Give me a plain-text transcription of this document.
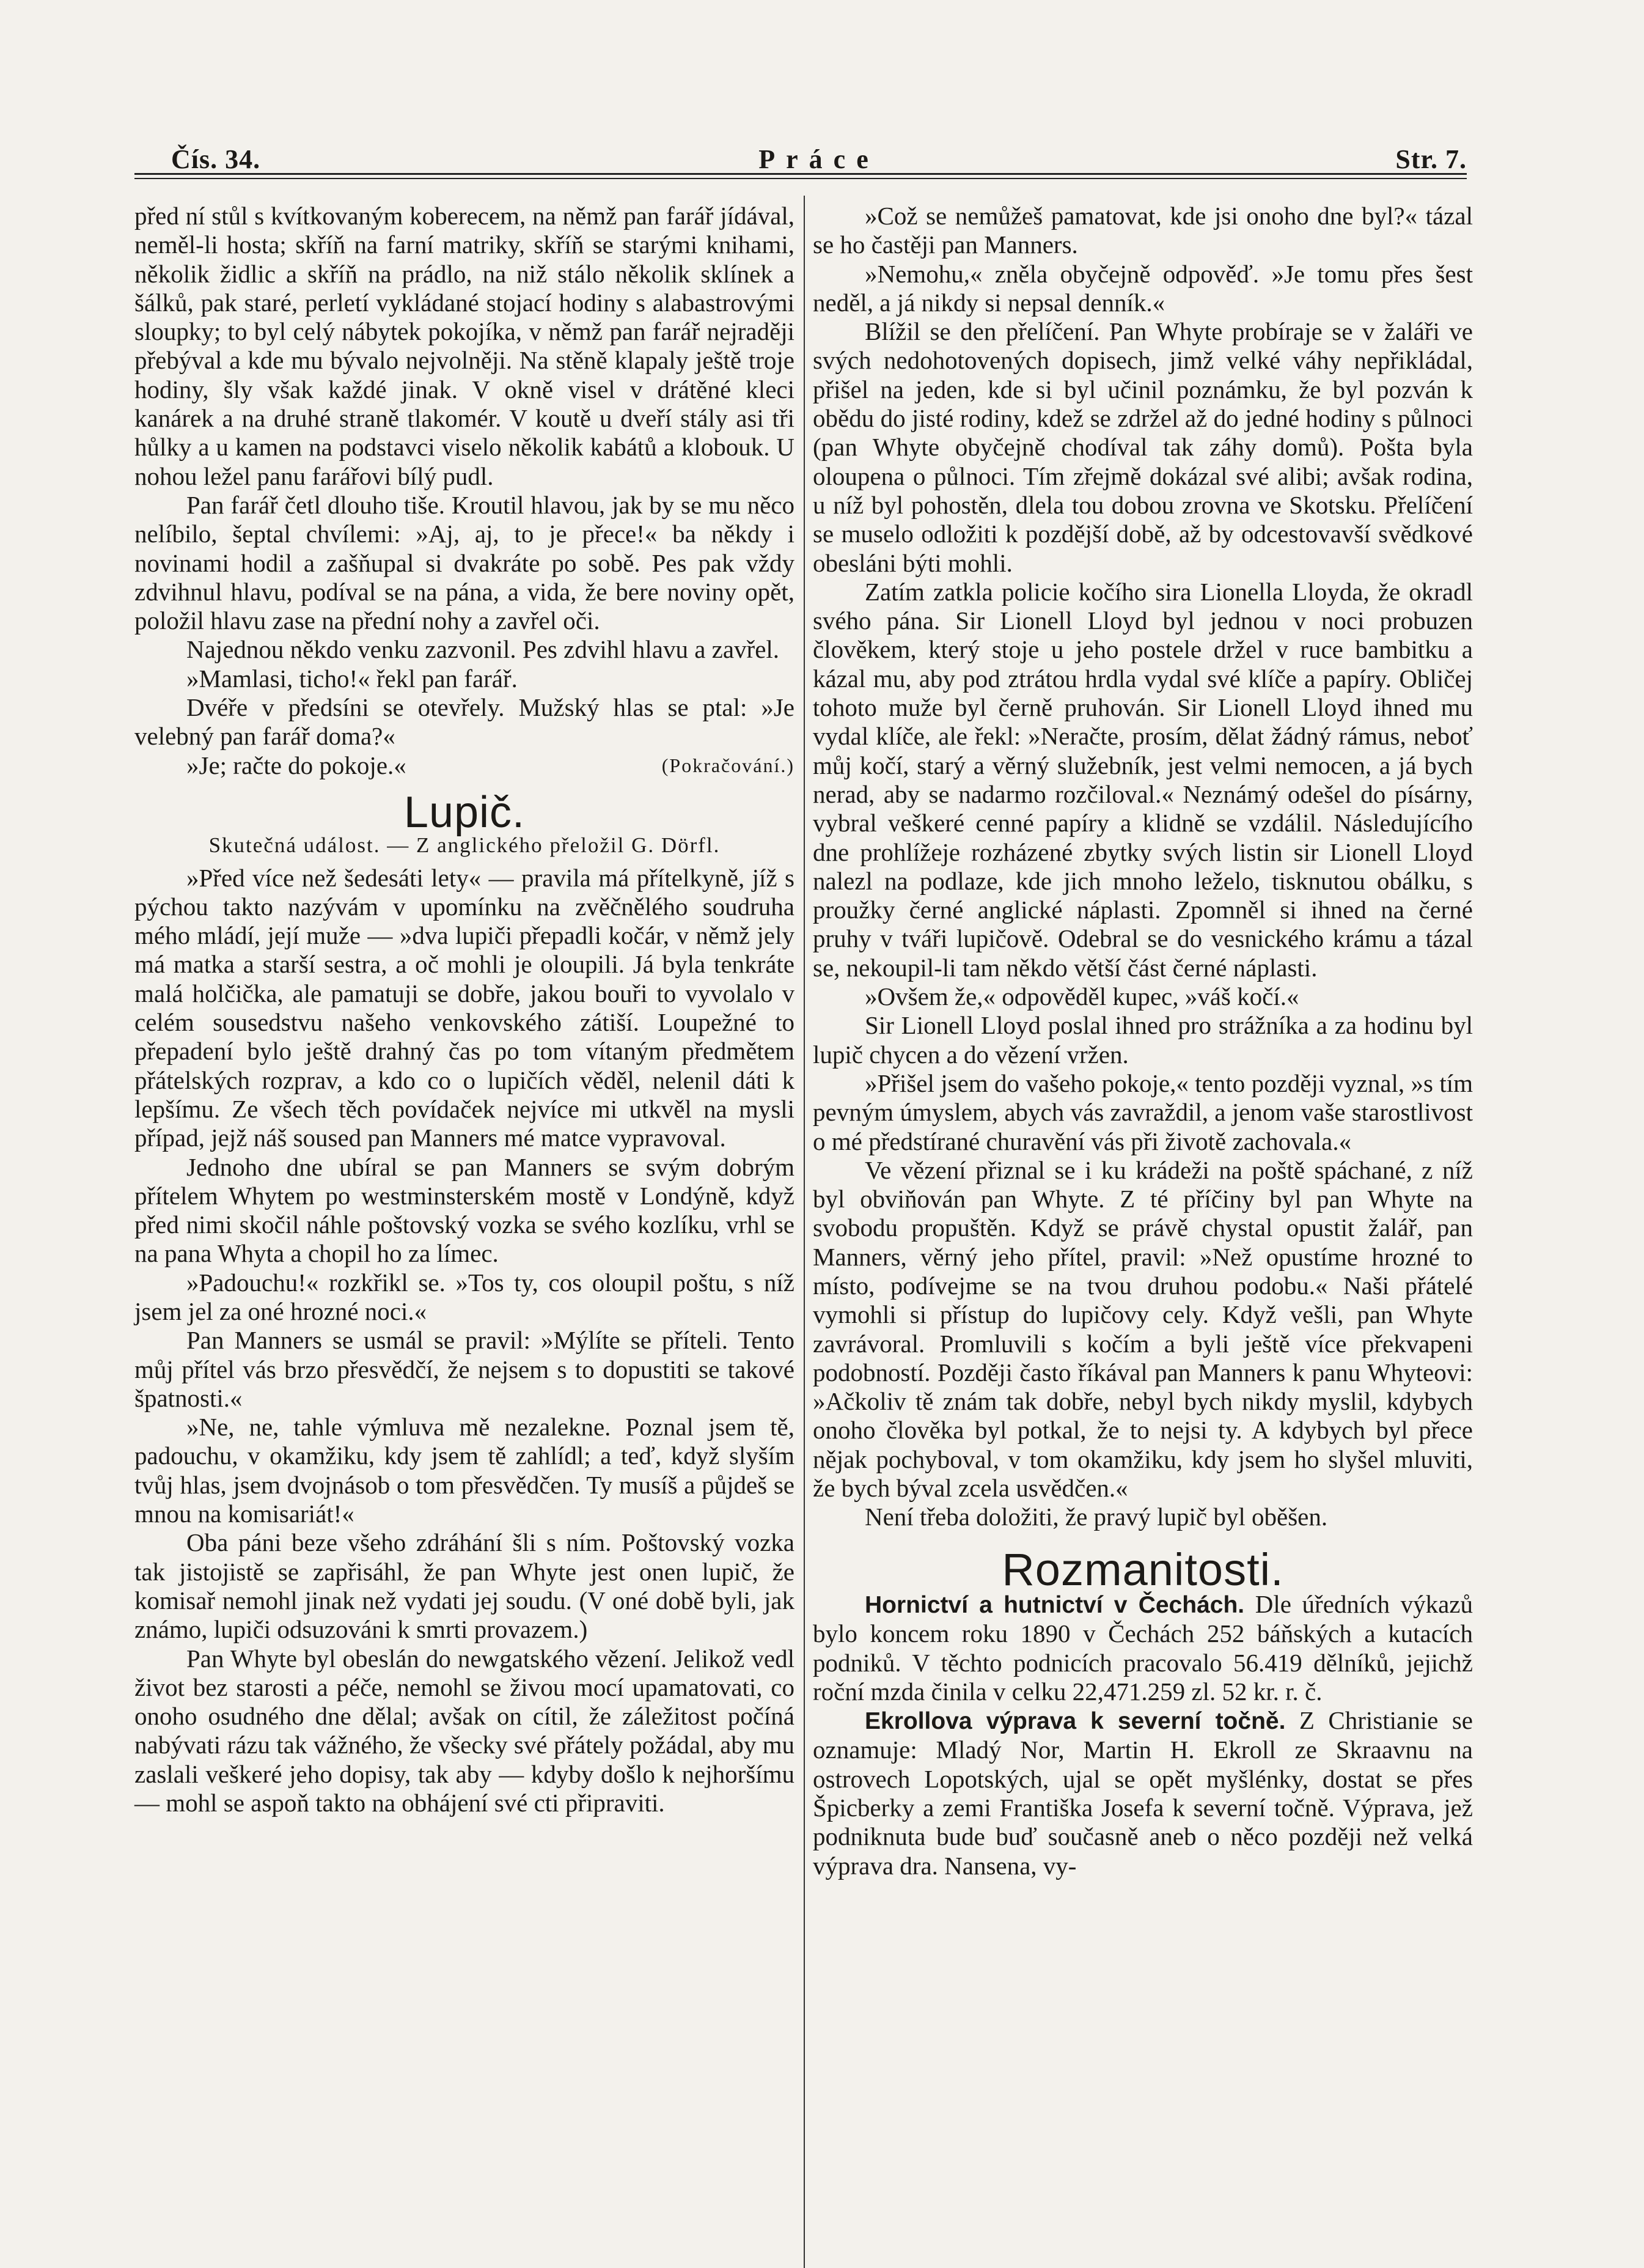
Čís. 34.	Práce	Str. 7.

před ní stůl s kvítkovaným koberecem, na němž pan farář jídával, neměl-li hosta; skříň na farní matriky, skříň se starými knihami, několik židlic a skříň na prádlo, na niž stálo několik sklínek a šálků, pak staré, perletí vykládané stojací hodiny s alabastrovými sloupky; to byl celý nábytek pokojíka, v němž pan farář nejraději přebýval a kde mu bývalo nejvolněji. Na stěně klapaly ještě troje hodiny, šly však každé jinak. V okně visel v drátěné kleci kanárek a na druhé straně tlakomér. V koutě u dveří stály asi tři hůlky a u kamen na podstavci viselo několik kabátů a klobouk. U nohou ležel panu farářovi bílý pudl.

Pan farář četl dlouho tiše. Kroutil hlavou, jak by se mu něco nelíbilo, šeptal chvílemi: »Aj, aj, to je přece!« ba někdy i novinami hodil a zašňupal si dvakráte po sobě. Pes pak vždy zdvihnul hlavu, podíval se na pána, a vida, že bere noviny opět, položil hlavu zase na přední nohy a zavřel oči.

Najednou někdo venku zazvonil. Pes zdvihl hlavu a zavřel.

»Mamlasi, ticho!« řekl pan farář.

Dvéře v předsíni se otevřely. Mužský hlas se ptal: »Je velebný pan farář doma?«

»Je; račte do pokoje.«	(Pokračování.)

Lupič.
Skutečná událost. — Z anglického přeložil G. Dörfl.

»Před více než šedesáti lety« — pravila má přítelkyně, jíž s pýchou takto nazývám v upomínku na zvěčnělého soudruha mého mládí, její muže — »dva lupiči přepadli kočár, v němž jely má matka a starší sestra, a oč mohli je oloupili. Já byla tenkráte malá holčička, ale pamatuji se dobře, jakou bouři to vyvolalo v celém sousedstvu našeho venkovského zátiší. Loupežné to přepadení bylo ještě drahný čas po tom vítaným předmětem přátelských rozprav, a kdo co o lupičích věděl, nelenil dáti k lepšímu. Ze všech těch povídaček nejvíce mi utkvěl na mysli případ, jejž náš soused pan Manners mé matce vypravoval.

Jednoho dne ubíral se pan Manners se svým dobrým přítelem Whytem po westminsterském mostě v Londýně, když před nimi skočil náhle poštovský vozka se svého kozlíku, vrhl se na pana Whyta a chopil ho za límec.

»Padouchu!« rozkřikl se. »Tos ty, cos oloupil poštu, s níž jsem jel za oné hrozné noci.«

Pan Manners se usmál se pravil: »Mýlíte se příteli. Tento můj přítel vás brzo přesvědčí, že nejsem s to dopustiti se takové špatnosti.«

»Ne, ne, tahle výmluva mě nezalekne. Poznal jsem tě, padouchu, v okamžiku, kdy jsem tě zahlídl; a teď, když slyším tvůj hlas, jsem dvojnásob o tom přesvědčen. Ty musíš a půjdeš se mnou na komisariát!«

Oba páni beze všeho zdráhání šli s ním. Poštovský vozka tak jistojistě se zapřisáhl, že pan Whyte jest onen lupič, že komisař nemohl jinak než vydati jej soudu. (V oné době byli, jak známo, lupiči odsuzováni k smrti provazem.)

Pan Whyte byl obeslán do newgatského vězení. Jelikož vedl život bez starosti a péče, nemohl se živou mocí upamatovati, co onoho osudného dne dělal; avšak on cítil, že záležitost počíná nabývati rázu tak vážného, že všecky své přátely požádal, aby mu zaslali veškeré jeho dopisy, tak aby — kdyby došlo k nejhoršímu — mohl se aspoň takto na obhájení své cti připraviti.

»Což se nemůžeš pamatovat, kde jsi onoho dne byl?« tázal se ho častěji pan Manners.

»Nemohu,« zněla obyčejně odpověď. »Je tomu přes šest neděl, a já nikdy si nepsal denník.«

Blížil se den přelíčení. Pan Whyte probíraje se v žaláři ve svých nedohotovených dopisech, jimž velké váhy nepřikládal, přišel na jeden, kde si byl učinil poznámku, že byl pozván k obědu do jisté rodiny, kdež se zdržel až do jedné hodiny s půlnoci (pan Whyte obyčejně chodíval tak záhy domů). Pošta byla oloupena o půlnoci. Tím zřejmě dokázal své alibi; avšak rodina, u níž byl pohostěn, dlela tou dobou zrovna ve Skotsku. Přelíčení se muselo odložiti k pozdější době, až by odcestovavší svědkové obesláni býti mohli.

Zatím zatkla policie kočího sira Lionella Lloyda, že okradl svého pána. Sir Lionell Lloyd byl jednou v noci probuzen člověkem, který stoje u jeho postele držel v ruce bambitku a kázal mu, aby pod ztrátou hrdla vydal své klíče a papíry. Obličej tohoto muže byl černě pruhován. Sir Lionell Lloyd ihned mu vydal klíče, ale řekl: »Neračte, prosím, dělat žádný rámus, neboť můj kočí, starý a věrný služebník, jest velmi nemocen, a já bych nerad, aby se nadarmo rozčiloval.« Neznámý odešel do písárny, vybral veškeré cenné papíry a klidně se vzdálil. Následujícího dne prohlížeje rozházené zbytky svých listin sir Lionell Lloyd nalezl na podlaze, kde jich mnoho leželo, tisknutou obálku, s proužky černé anglické náplasti. Zpomněl si ihned na černé pruhy v tváři lupičově. Odebral se do vesnického krámu a tázal se, nekoupil-li tam někdo větší část černé náplasti.

»Ovšem že,« odpověděl kupec, »váš kočí.«

Sir Lionell Lloyd poslal ihned pro strážníka a za hodinu byl lupič chycen a do vězení vržen.

»Přišel jsem do vašeho pokoje,« tento později vyznal, »s tím pevným úmyslem, abych vás zavraždil, a jenom vaše starostlivost o mé předstírané churavění vás při životě zachovala.«

Ve vězení přiznal se i ku krádeži na poště spáchané, z níž byl obviňován pan Whyte. Z té příčiny byl pan Whyte na svobodu propuštěn. Když se právě chystal opustit žalář, pan Manners, věrný jeho přítel, pravil: »Než opustíme hrozné to místo, podívejme se na tvou druhou podobu.« Naši přátelé vymohli si přístup do lupičovy cely. Když vešli, pan Whyte zavrávoral. Promluvili s kočím a byli ještě více překvapeni podobností. Později často říkával pan Manners k panu Whyteovi: »Ačkoliv tě znám tak dobře, nebyl bych nikdy myslil, kdybych onoho člověka byl potkal, že to nejsi ty. A kdybych byl přece nějak pochyboval, v tom okamžiku, kdy jsem ho slyšel mluviti, že bych býval zcela usvědčen.«

Není třeba doložiti, že pravý lupič byl oběšen.

Rozmanitosti.

Hornictví a hutnictví v Čechách. Dle úředních výkazů bylo koncem roku 1890 v Čechách 252 báňských a kutacích podniků. V těchto podnicích pracovalo 56.419 dělníků, jejichž roční mzda činila v celku 22,471.259 zl. 52 kr. r. č.

Ekrollova výprava k severní točně. Z Christianie se oznamuje: Mladý Nor, Martin H. Ekroll ze Skraavnu na ostrovech Lopotských, ujal se opět myšlénky, dostat se přes Špicberky a zemi Františka Josefa k severní točně. Výprava, jež podniknuta bude buď současně aneb o něco později než velká výprava dra. Nansena, vy-
